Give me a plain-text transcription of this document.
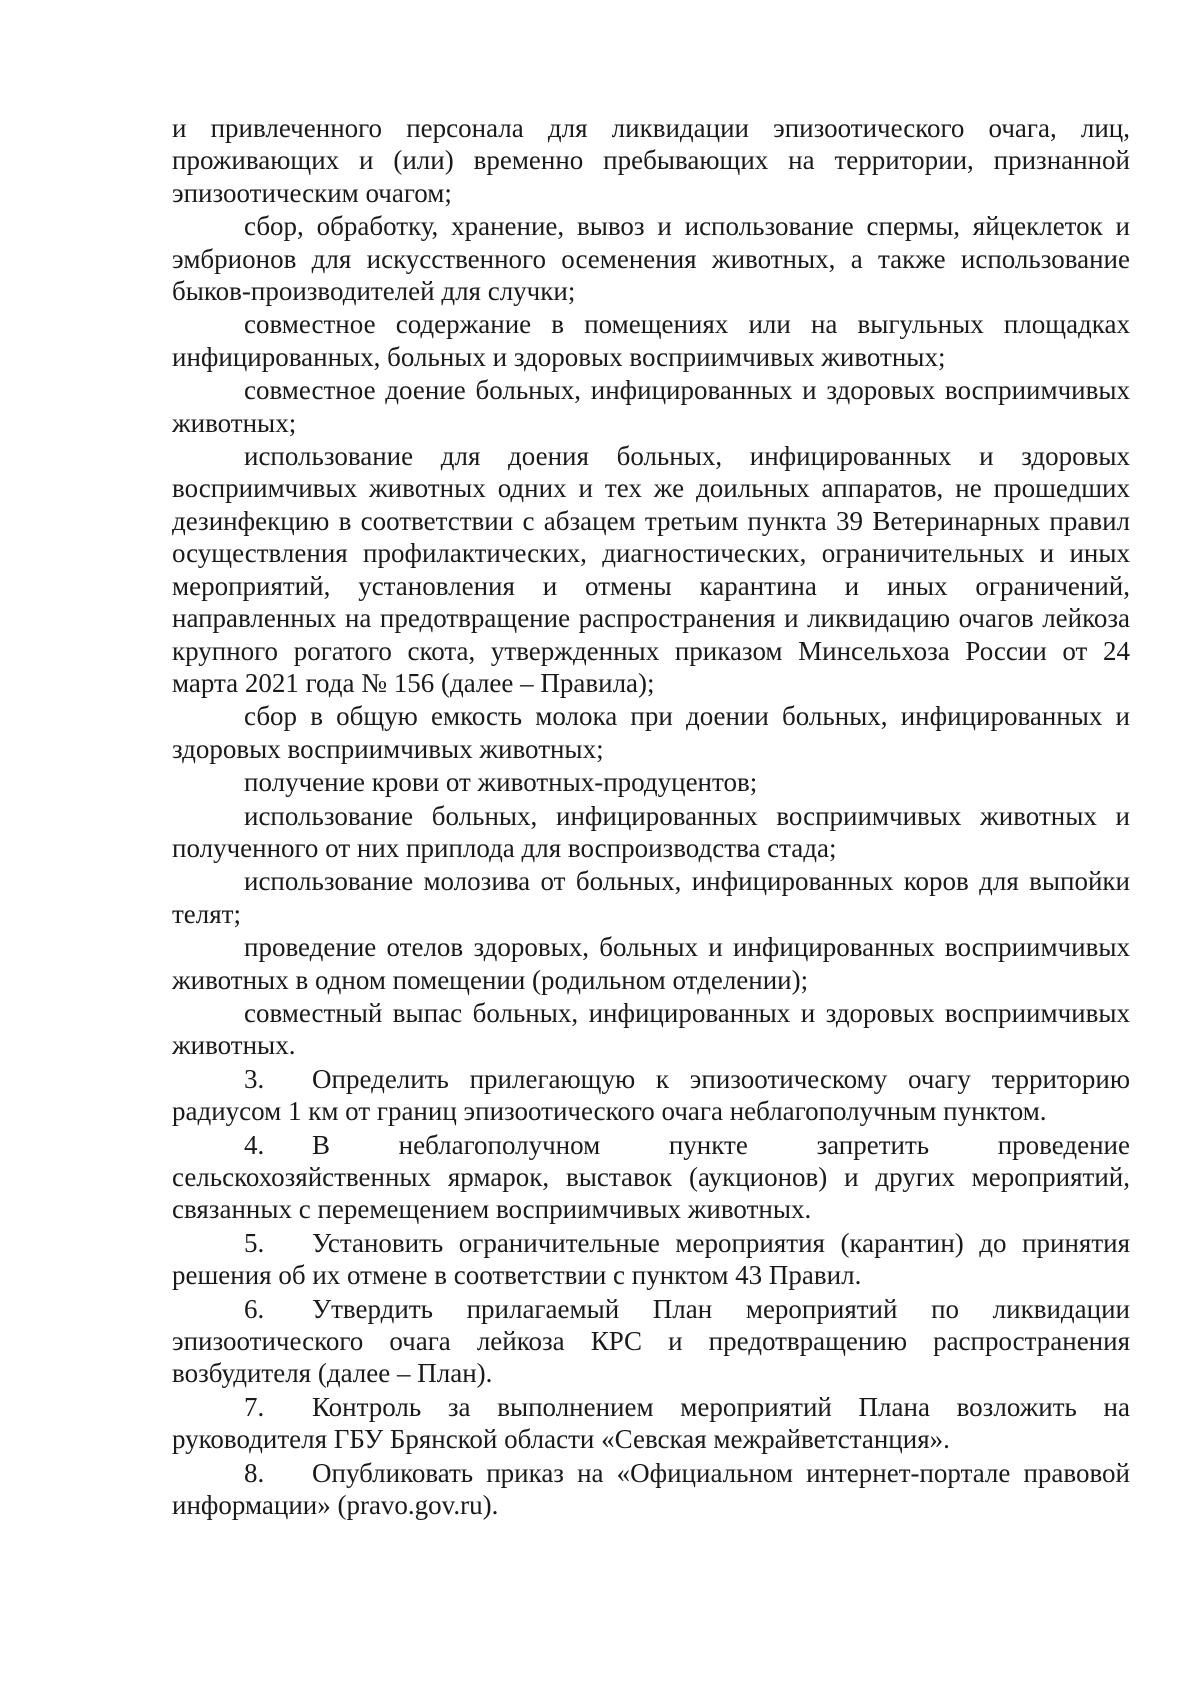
и привлеченного персонала для ликвидации эпизоотического очага, лиц, проживающих и (или) временно пребывающих на территории, признанной эпизоотическим очагом;

сбор, обработку, хранение, вывоз и использование спермы, яйцеклеток и эмбрионов для искусственного осеменения животных, а также использование быков-производителей для случки;

совместное содержание в помещениях или на выгульных площадках инфицированных, больных и здоровых восприимчивых животных;

совместное доение больных, инфицированных и здоровых восприимчивых животных;

использование для доения больных, инфицированных и здоровых восприимчивых животных одних и тех же доильных аппаратов, не прошедших дезинфекцию в соответствии с абзацем третьим пункта 39 Ветеринарных правил осуществления профилактических, диагностических, ограничительных и иных мероприятий, установления и отмены карантина и иных ограничений, направленных на предотвращение распространения и ликвидацию очагов лейкоза крупного рогатого скота, утвержденных приказом Минсельхоза России от 24 марта 2021 года № 156 (далее – Правила);

сбор в общую емкость молока при доении больных, инфицированных и здоровых восприимчивых животных;

получение крови от животных-продуцентов;

использование больных, инфицированных восприимчивых животных и полученного от них приплода для воспроизводства стада;

использование молозива от больных, инфицированных коров для выпойки телят;

проведение отелов здоровых, больных и инфицированных восприимчивых животных в одном помещении (родильном отделении);

совместный выпас больных, инфицированных и здоровых восприимчивых животных.

3. Определить прилегающую к эпизоотическому очагу территорию радиусом 1 км от границ эпизоотического очага неблагополучным пунктом.

4. В неблагополучном пункте запретить проведение сельскохозяйственных ярмарок, выставок (аукционов) и других мероприятий, связанных с перемещением восприимчивых животных.

5. Установить ограничительные мероприятия (карантин) до принятия решения об их отмене в соответствии с пунктом 43 Правил.

6. Утвердить прилагаемый План мероприятий по ликвидации эпизоотического очага лейкоза КРС и предотвращению распространения возбудителя (далее – План).

7. Контроль за выполнением мероприятий Плана возложить на руководителя ГБУ Брянской области «Севская межрайветстанция».

8. Опубликовать приказ на «Официальном интернет-портале правовой информации» (pravo.gov.ru).
